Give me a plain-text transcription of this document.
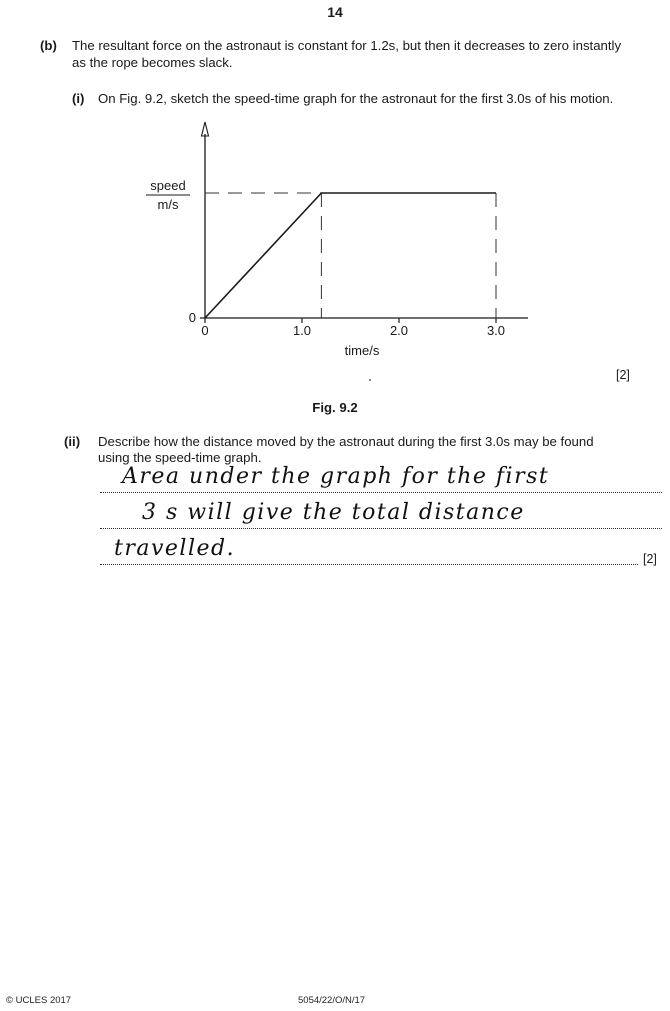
14
(b) The resultant force on the astronaut is constant for 1.2s, but then it decreases to zero instantly
as the rope becomes slack.
(i) On Fig. 9.2, sketch the speed-time graph for the astronaut for the first 3.0s of his motion.
0	1.0	2.0	3.0
speed
m/s
0
time/s
[2]
Fig. 9.2
(ii) Describe how the distance moved by the astronaut during the first 3.0s may be found
using the speed-time graph.
Area under the graph for the first
3 s will give the total distance
travelled.	[2]
© UCLES 2017	5054/22/O/N/17
